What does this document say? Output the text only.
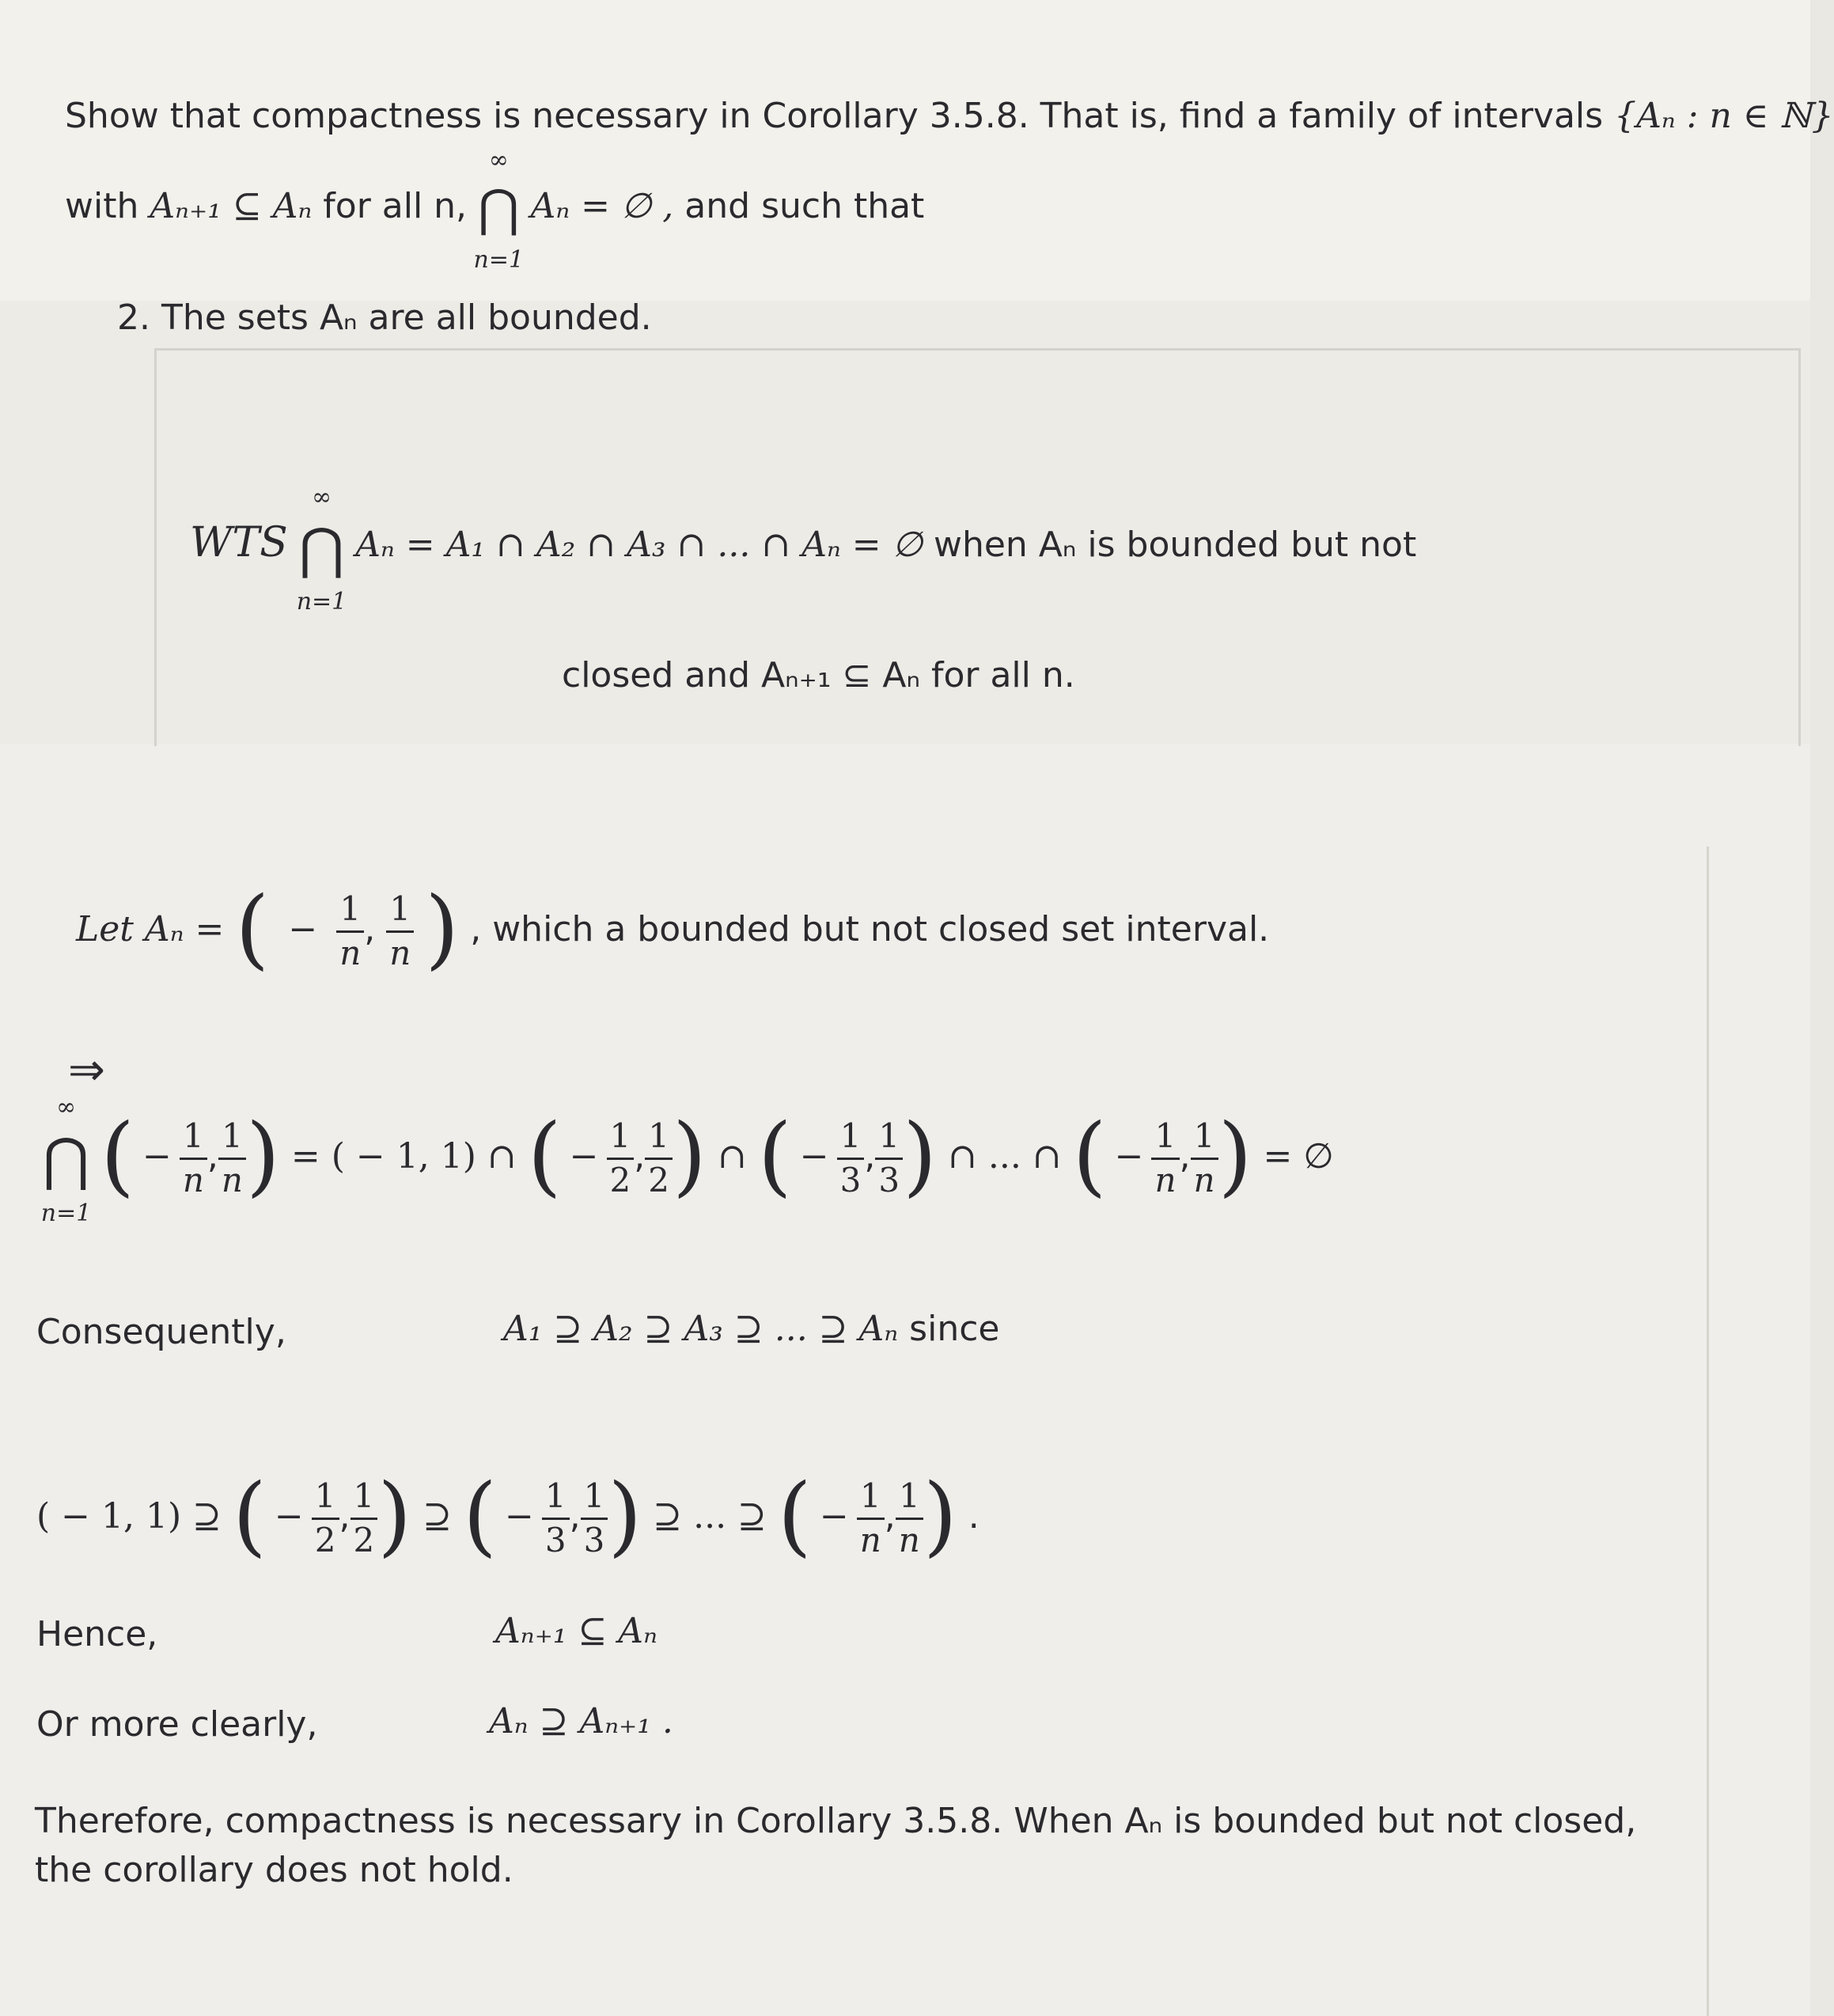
Show that compactness is necessary in Corollary 3.5.8. That is, find a family of intervals {Aₙ : n ∈ ℕ}
with Aₙ₊₁ ⊆ Aₙ for all n,
∞
⋂
n=1
Aₙ = ∅ , and such that
2. The sets Aₙ are all bounded.
WTS
∞
⋂
n=1
Aₙ = A₁ ∩ A₂ ∩ A₃ ∩ ... ∩ Aₙ = ∅ when Aₙ is bounded but not
closed and Aₙ₊₁ ⊆ Aₙ for all n.
Let Aₙ = ( − $\frac{1}{n}$ , $\frac{1}{n}$ ) , which a bounded but not closed set interval.
⇒
∞
⋂
n=1
( − $\frac{1}{n}$ , $\frac{1}{n}$ ) = ( − 1, 1) ∩ ( − $\frac{1}{2}$ , $\frac{1}{2}$ ) ∩ ( − $\frac{1}{3}$ , $\frac{1}{3}$ ) ∩ ... ∩ ( − $\frac{1}{n}$ , $\frac{1}{n}$ ) = ∅
Consequently,	A₁ ⊇ A₂ ⊇ A₃ ⊇ ... ⊇ Aₙ since
( − 1, 1) ⊇ ( − $\frac{1}{2}$ , $\frac{1}{2}$ ) ⊇ ( − $\frac{1}{3}$ , $\frac{1}{3}$ ) ⊇ ... ⊇ ( − $\frac{1}{n}$ , $\frac{1}{n}$ ) .
Hence,	Aₙ₊₁ ⊆ Aₙ
Or more clearly,	Aₙ ⊇ Aₙ₊₁ .
Therefore, compactness is necessary in Corollary 3.5.8. When Aₙ is bounded but not closed,
the corollary does not hold.
